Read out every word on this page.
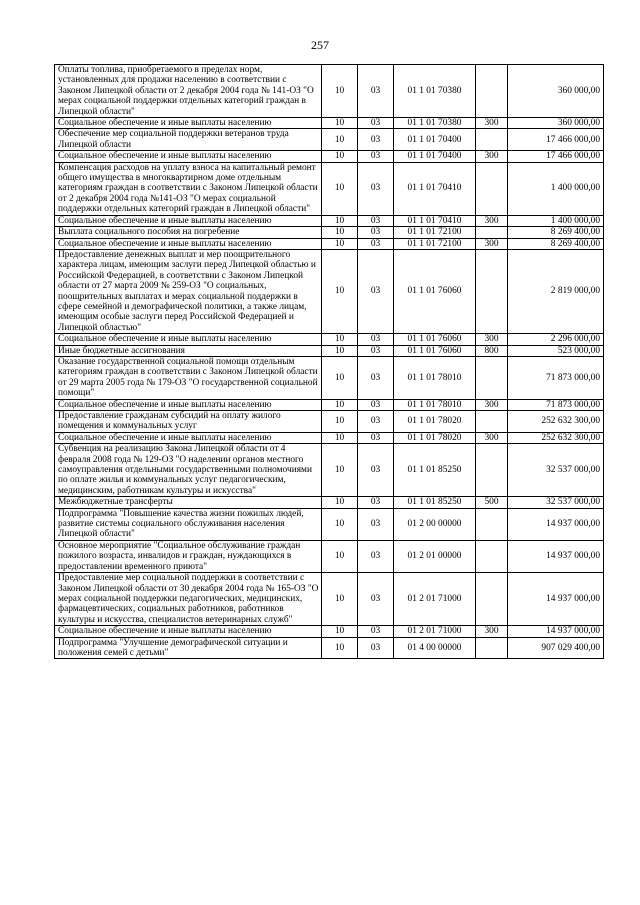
257
Оплаты топлива, приобретаемого в пределах норм, установленных для продажи населению в соответствии с Законом Липецкой области от 2 декабря 2004 года № 141-ОЗ "О мерах социальной поддержки отдельных категорий граждан в Липецкой области"	10	03	01 1 01 70380		360 000,00
Социальное обеспечение и иные выплаты населению	10	03	01 1 01 70380	300	360 000,00
Обеспечение мер социальной поддержки ветеранов труда Липецкой области	10	03	01 1 01 70400		17 466 000,00
Социальное обеспечение и иные выплаты населению	10	03	01 1 01 70400	300	17 466 000,00
Компенсация расходов на уплату взноса на капитальный ремонт общего имущества в многоквартирном доме отдельным категориям граждан в соответствии с Законом Липецкой области от 2 декабря 2004 года №141-ОЗ "О мерах социальной поддержки отдельных категорий граждан в Липецкой области"	10	03	01 1 01 70410		1 400 000,00
Социальное обеспечение и иные выплаты населению	10	03	01 1 01 70410	300	1 400 000,00
Выплата социального пособия на погребение	10	03	01 1 01 72100		8 269 400,00
Социальное обеспечение и иные выплаты населению	10	03	01 1 01 72100	300	8 269 400,00
Предоставление денежных выплат и мер поощрительного характера лицам, имеющим заслуги перед Липецкой областью и Российской Федерацией, в соответствии с Законом Липецкой области от 27 марта 2009 № 259-ОЗ "О социальных, поощрительных выплатах и мерах социальной поддержки в сфере семейной и демографической политики, а также лицам, имеющим особые заслуги перед Российской Федерацией и Липецкой областью"	10	03	01 1 01 76060		2 819 000,00
Социальное обеспечение и иные выплаты населению	10	03	01 1 01 76060	300	2 296 000,00
Иные бюджетные ассигнования	10	03	01 1 01 76060	800	523 000,00
Оказание государственной социальной помощи отдельным категориям граждан в соответствии с Законом Липецкой области от 29 марта 2005 года № 179-ОЗ "О государственной социальной помощи"	10	03	01 1 01 78010		71 873 000,00
Социальное обеспечение и иные выплаты населению	10	03	01 1 01 78010	300	71 873 000,00
Предоставление гражданам субсидий на оплату жилого помещения и коммунальных услуг	10	03	01 1 01 78020		252 632 300,00
Социальное обеспечение и иные выплаты населению	10	03	01 1 01 78020	300	252 632 300,00
Субвенция на реализацию Закона Липецкой области от 4 февраля 2008 года № 129-ОЗ "О наделении органов местного самоуправления отдельными государственными полномочиями по оплате жилья и коммунальных услуг педагогическим, медицинским, работникам культуры и искусства"	10	03	01 1 01 85250		32 537 000,00
Межбюджетные трансферты	10	03	01 1 01 85250	500	32 537 000,00
Подпрограмма "Повышение качества жизни пожилых людей, развитие системы социального обслуживания населения Липецкой области"	10	03	01 2 00 00000		14 937 000,00
Основное мероприятие "Социальное обслуживание граждан пожилого возраста, инвалидов и граждан, нуждающихся в предоставлении временного приюта"	10	03	01 2 01 00000		14 937 000,00
Предоставление мер социальной поддержки в соответствии с Законом Липецкой области от 30 декабря 2004 года № 165-ОЗ "О мерах социальной поддержки педагогических, медицинских, фармацевтических, социальных работников, работников культуры и искусства, специалистов ветеринарных служб"	10	03	01 2 01 71000		14 937 000,00
Социальное обеспечение и иные выплаты населению	10	03	01 2 01 71000	300	14 937 000,00
Подпрограмма "Улучшение демографической ситуации и положения семей с детьми"	10	03	01 4 00 00000		907 029 400,00
